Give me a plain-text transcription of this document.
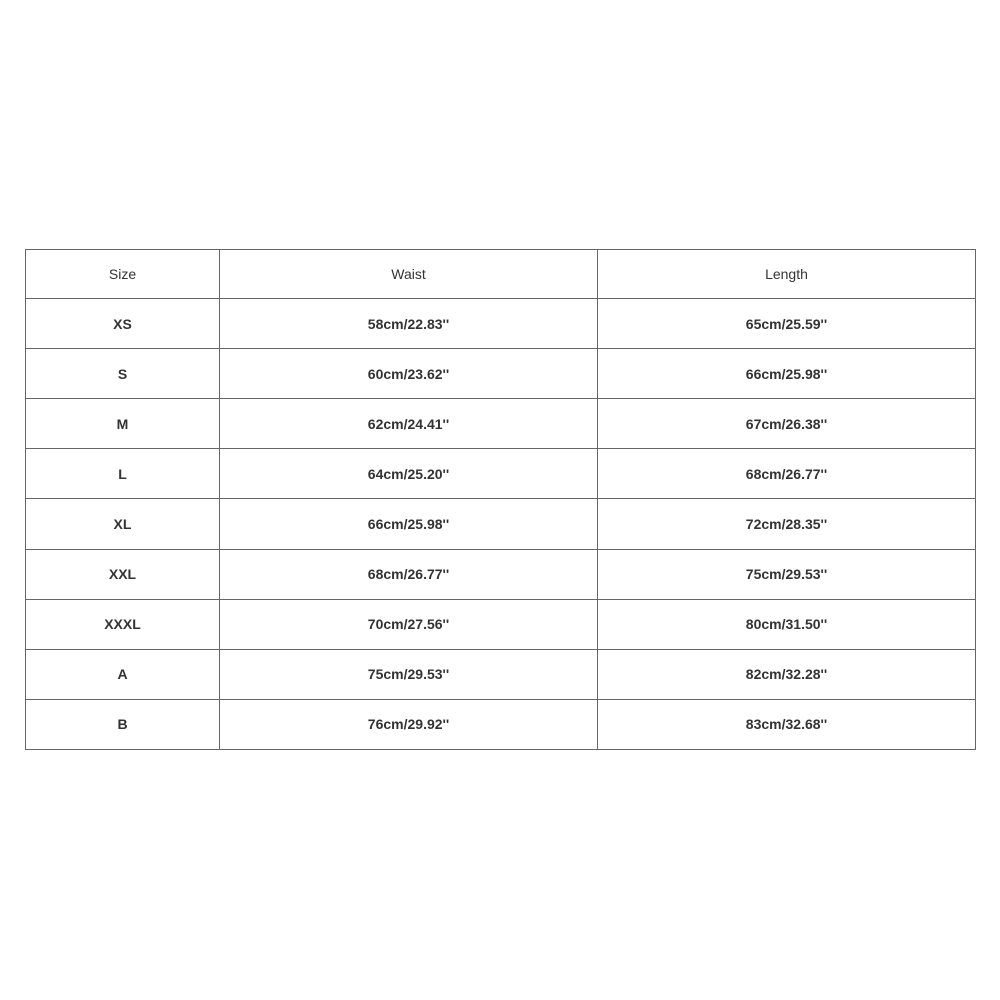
Size	Waist	Length
XS	58cm/22.83''	65cm/25.59''
S	60cm/23.62''	66cm/25.98''
M	62cm/24.41''	67cm/26.38''
L	64cm/25.20''	68cm/26.77''
XL	66cm/25.98''	72cm/28.35''
XXL	68cm/26.77''	75cm/29.53''
XXXL	70cm/27.56''	80cm/31.50''
A	75cm/29.53''	82cm/32.28''
B	76cm/29.92''	83cm/32.68''
